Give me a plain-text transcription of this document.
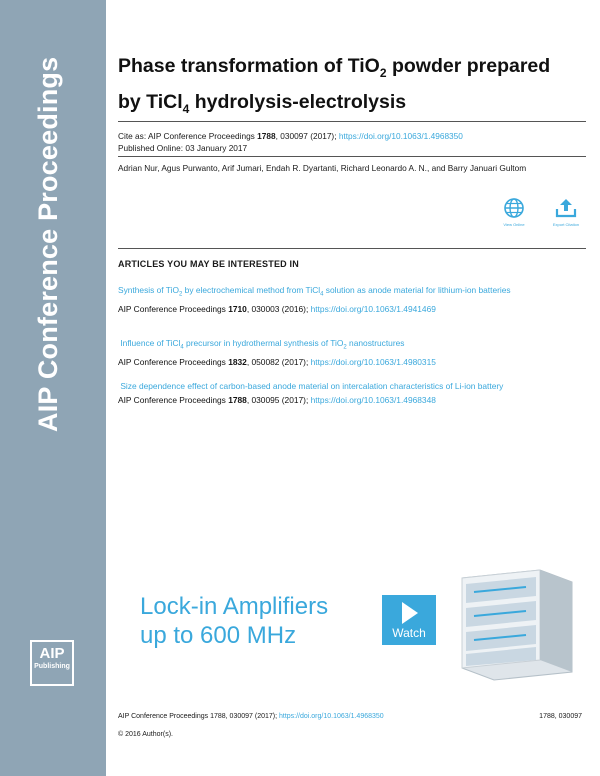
AIP Conference Proceedings
AIP
Publishing
Phase transformation of TiO$_2$ powder prepared by TiCl$_4$ hydrolysis-electrolysis
Cite as: AIP Conference Proceedings 1788, 030097 (2017); https://doi.org/10.1063/1.4968350
Published Online: 03 January 2017
Adrian Nur, Agus Purwanto, Arif Jumari, Endah R. Dyartanti, Richard Leonardo A. N., and Barry Januari Gultom
View Online	Export Citation
ARTICLES YOU MAY BE INTERESTED IN
Synthesis of TiO$_2$ by electrochemical method from TiCl$_4$ solution as anode material for lithium-ion batteries
AIP Conference Proceedings 1710, 030003 (2016); https://doi.org/10.1063/1.4941469
Influence of TiCl$_4$ precursor in hydrothermal synthesis of TiO$_2$ nanostructures
AIP Conference Proceedings 1832, 050082 (2017); https://doi.org/10.1063/1.4980315
Size dependence effect of carbon-based anode material on intercalation characteristics of Li-ion battery
AIP Conference Proceedings 1788, 030095 (2017); https://doi.org/10.1063/1.4968348
Lock-in Amplifiers
up to 600 MHz	Watch
AIP Conference Proceedings 1788, 030097 (2017); https://doi.org/10.1063/1.4968350	1788, 030097
© 2016 Author(s).
